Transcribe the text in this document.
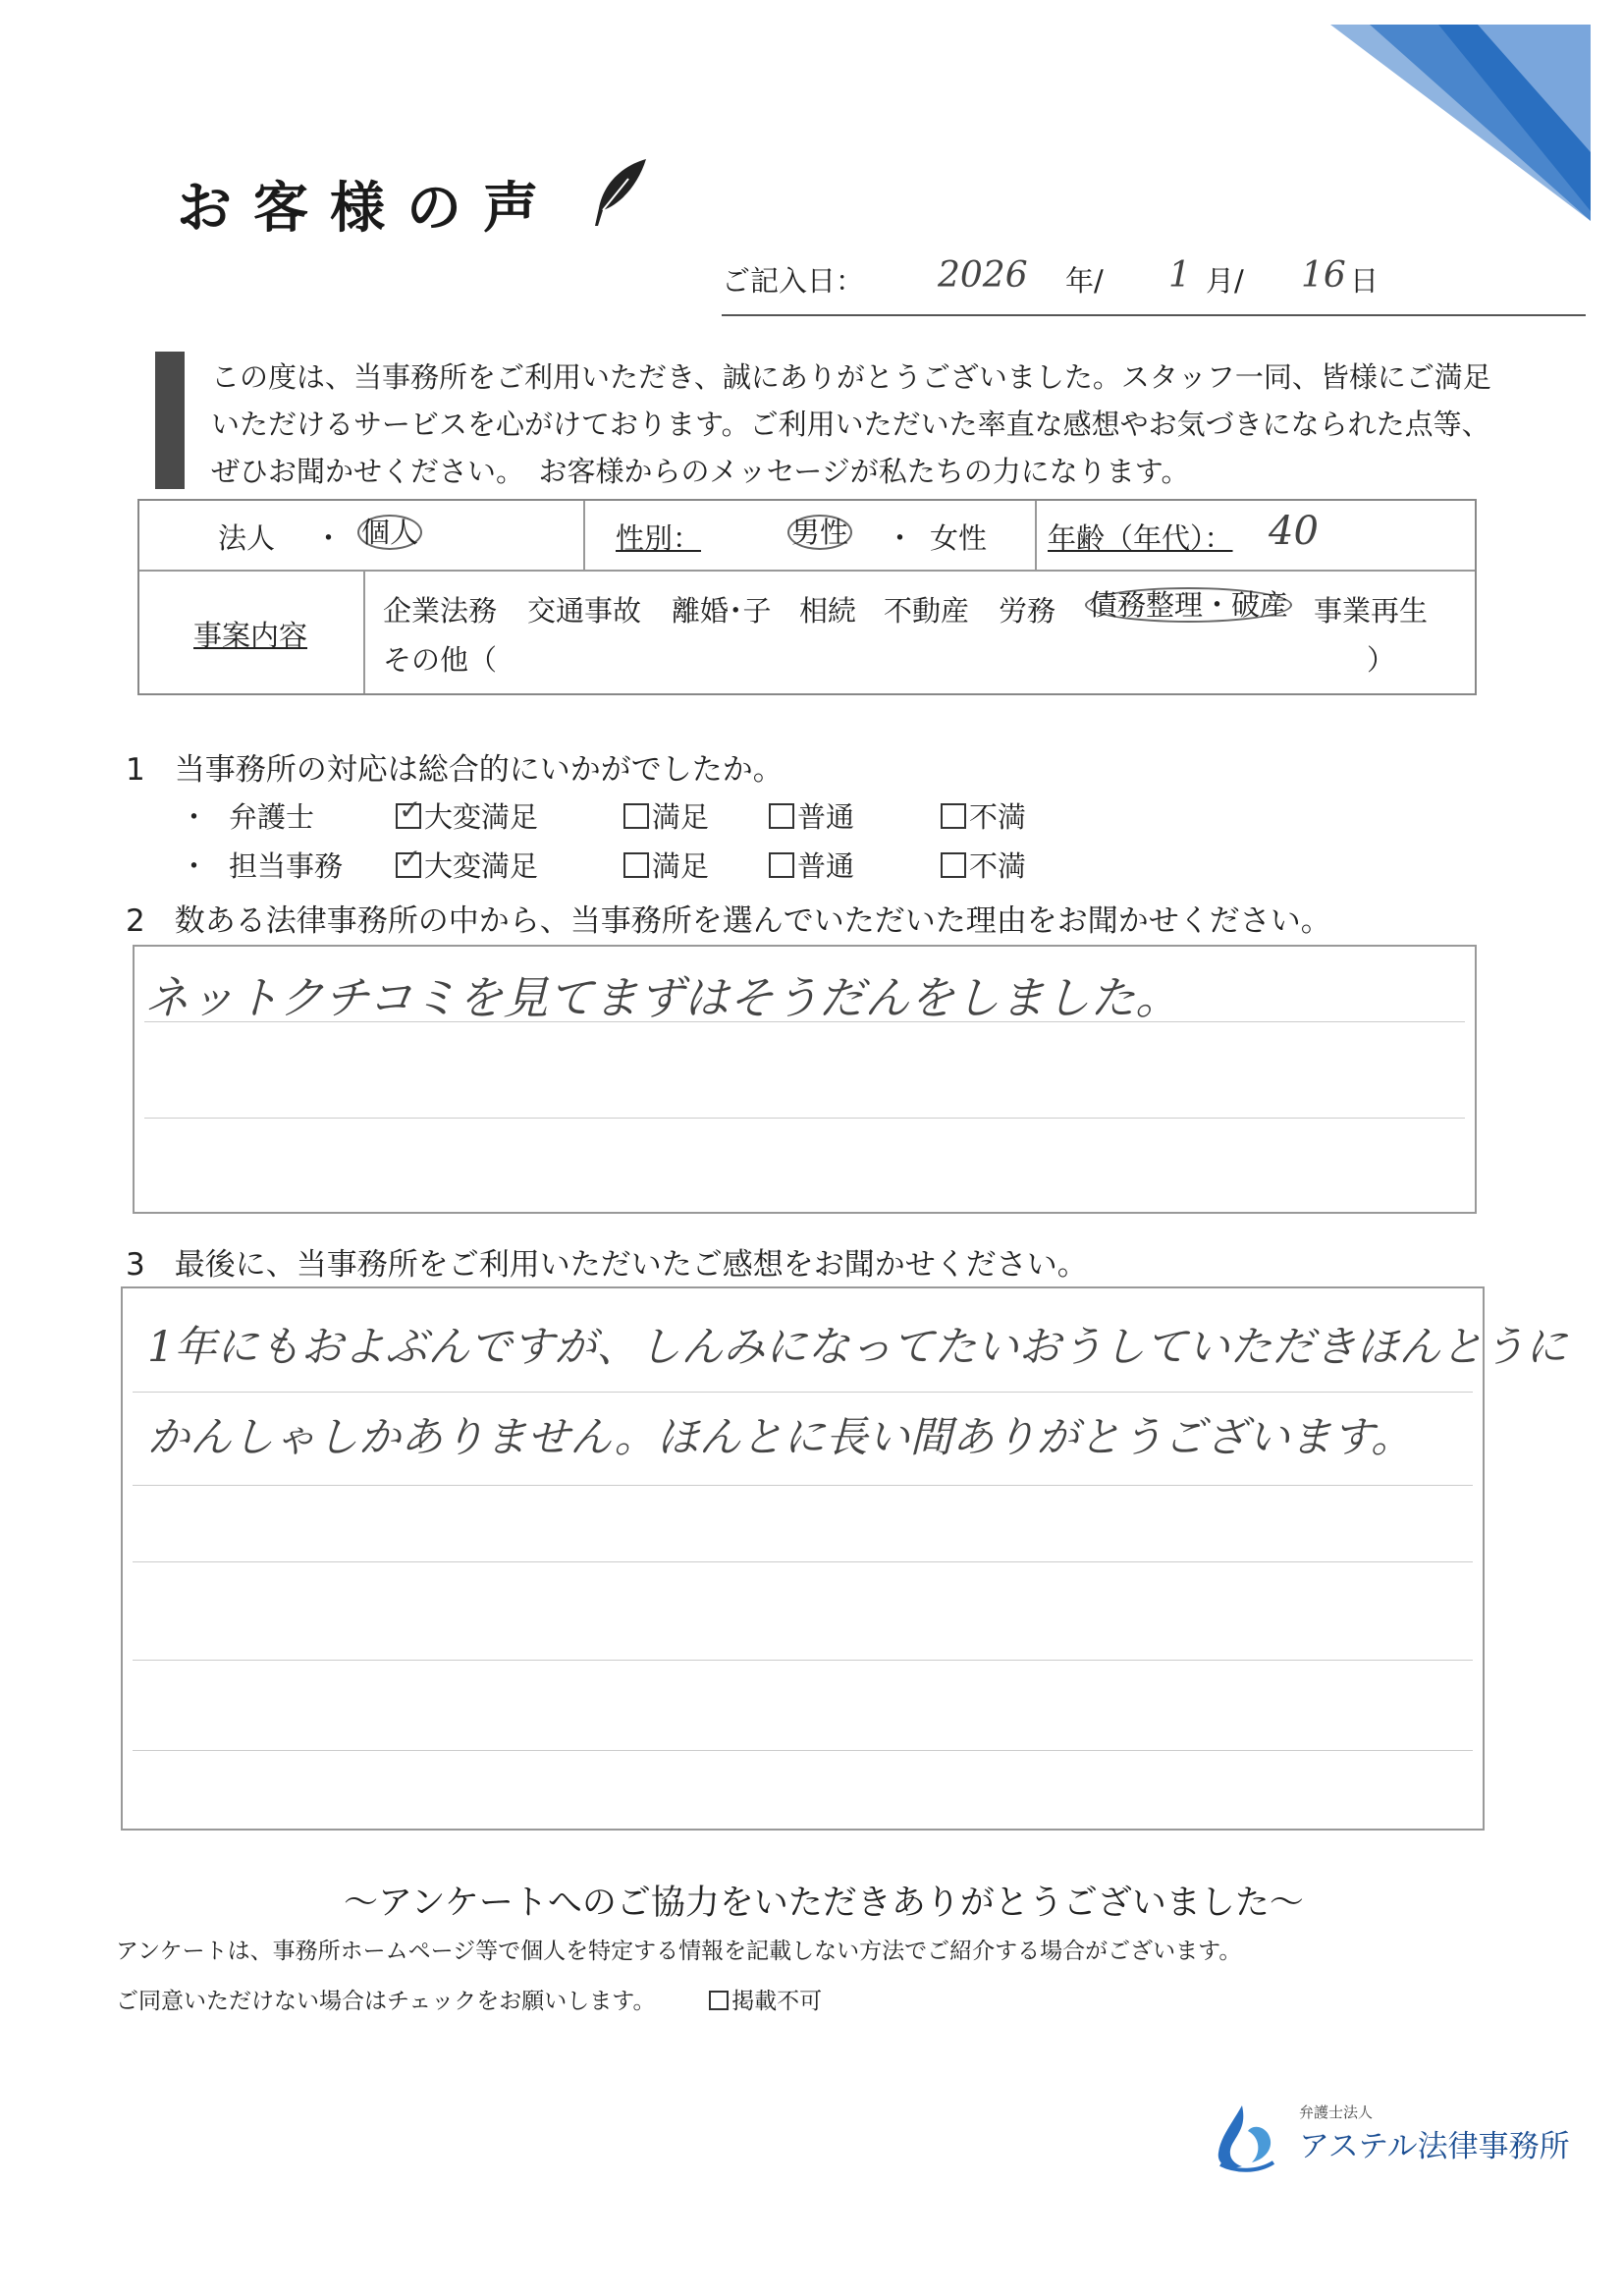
お客様の声
ご記入日： 2026 年/ 1 月/ 16 日

この度は、当事務所をご利用いただき、誠にありがとうございました。スタッフ一同、皆様にご満足

いただけるサービスを心がけております。ご利用いただいた率直な感想やお気づきになられた点等、

ぜひお聞かせください。　お客様からのメッセージが私たちの力になります。

法人 ・ 個人	性別：	男性 ・ 女性 年齢（年代）： 40
事案内容
企業法務 交通事故 離婚･子 相続 不動産 労務 債務整理・破産 事業再生
その他（	）
1 当事務所の対応は総合的にいかがでしたか。
・ 弁護士 ✓	大変満足	満足	普通	不満
・ 担当事務 ✓	大変満足	満足	普通	不満
2 数ある法律事務所の中から、当事務所を選んでいただいた理由をお聞かせください。
ネットクチコミを見てまずはそうだんをしました。
3 最後に、当事務所をご利用いただいたご感想をお聞かせください。
1年にもおよぶんですが、しんみになってたいおうしていただきほんとうに
かんしゃしかありません。ほんとに長い間ありがとうございます。
～アンケートへのご協力をいただきありがとうございました～
アンケートは、事務所ホームページ等で個人を特定する情報を記載しない方法でご紹介する場合がございます。
ご同意いただけない場合はチェックをお願いします。	掲載不可
弁護士法人
アステル法律事務所
